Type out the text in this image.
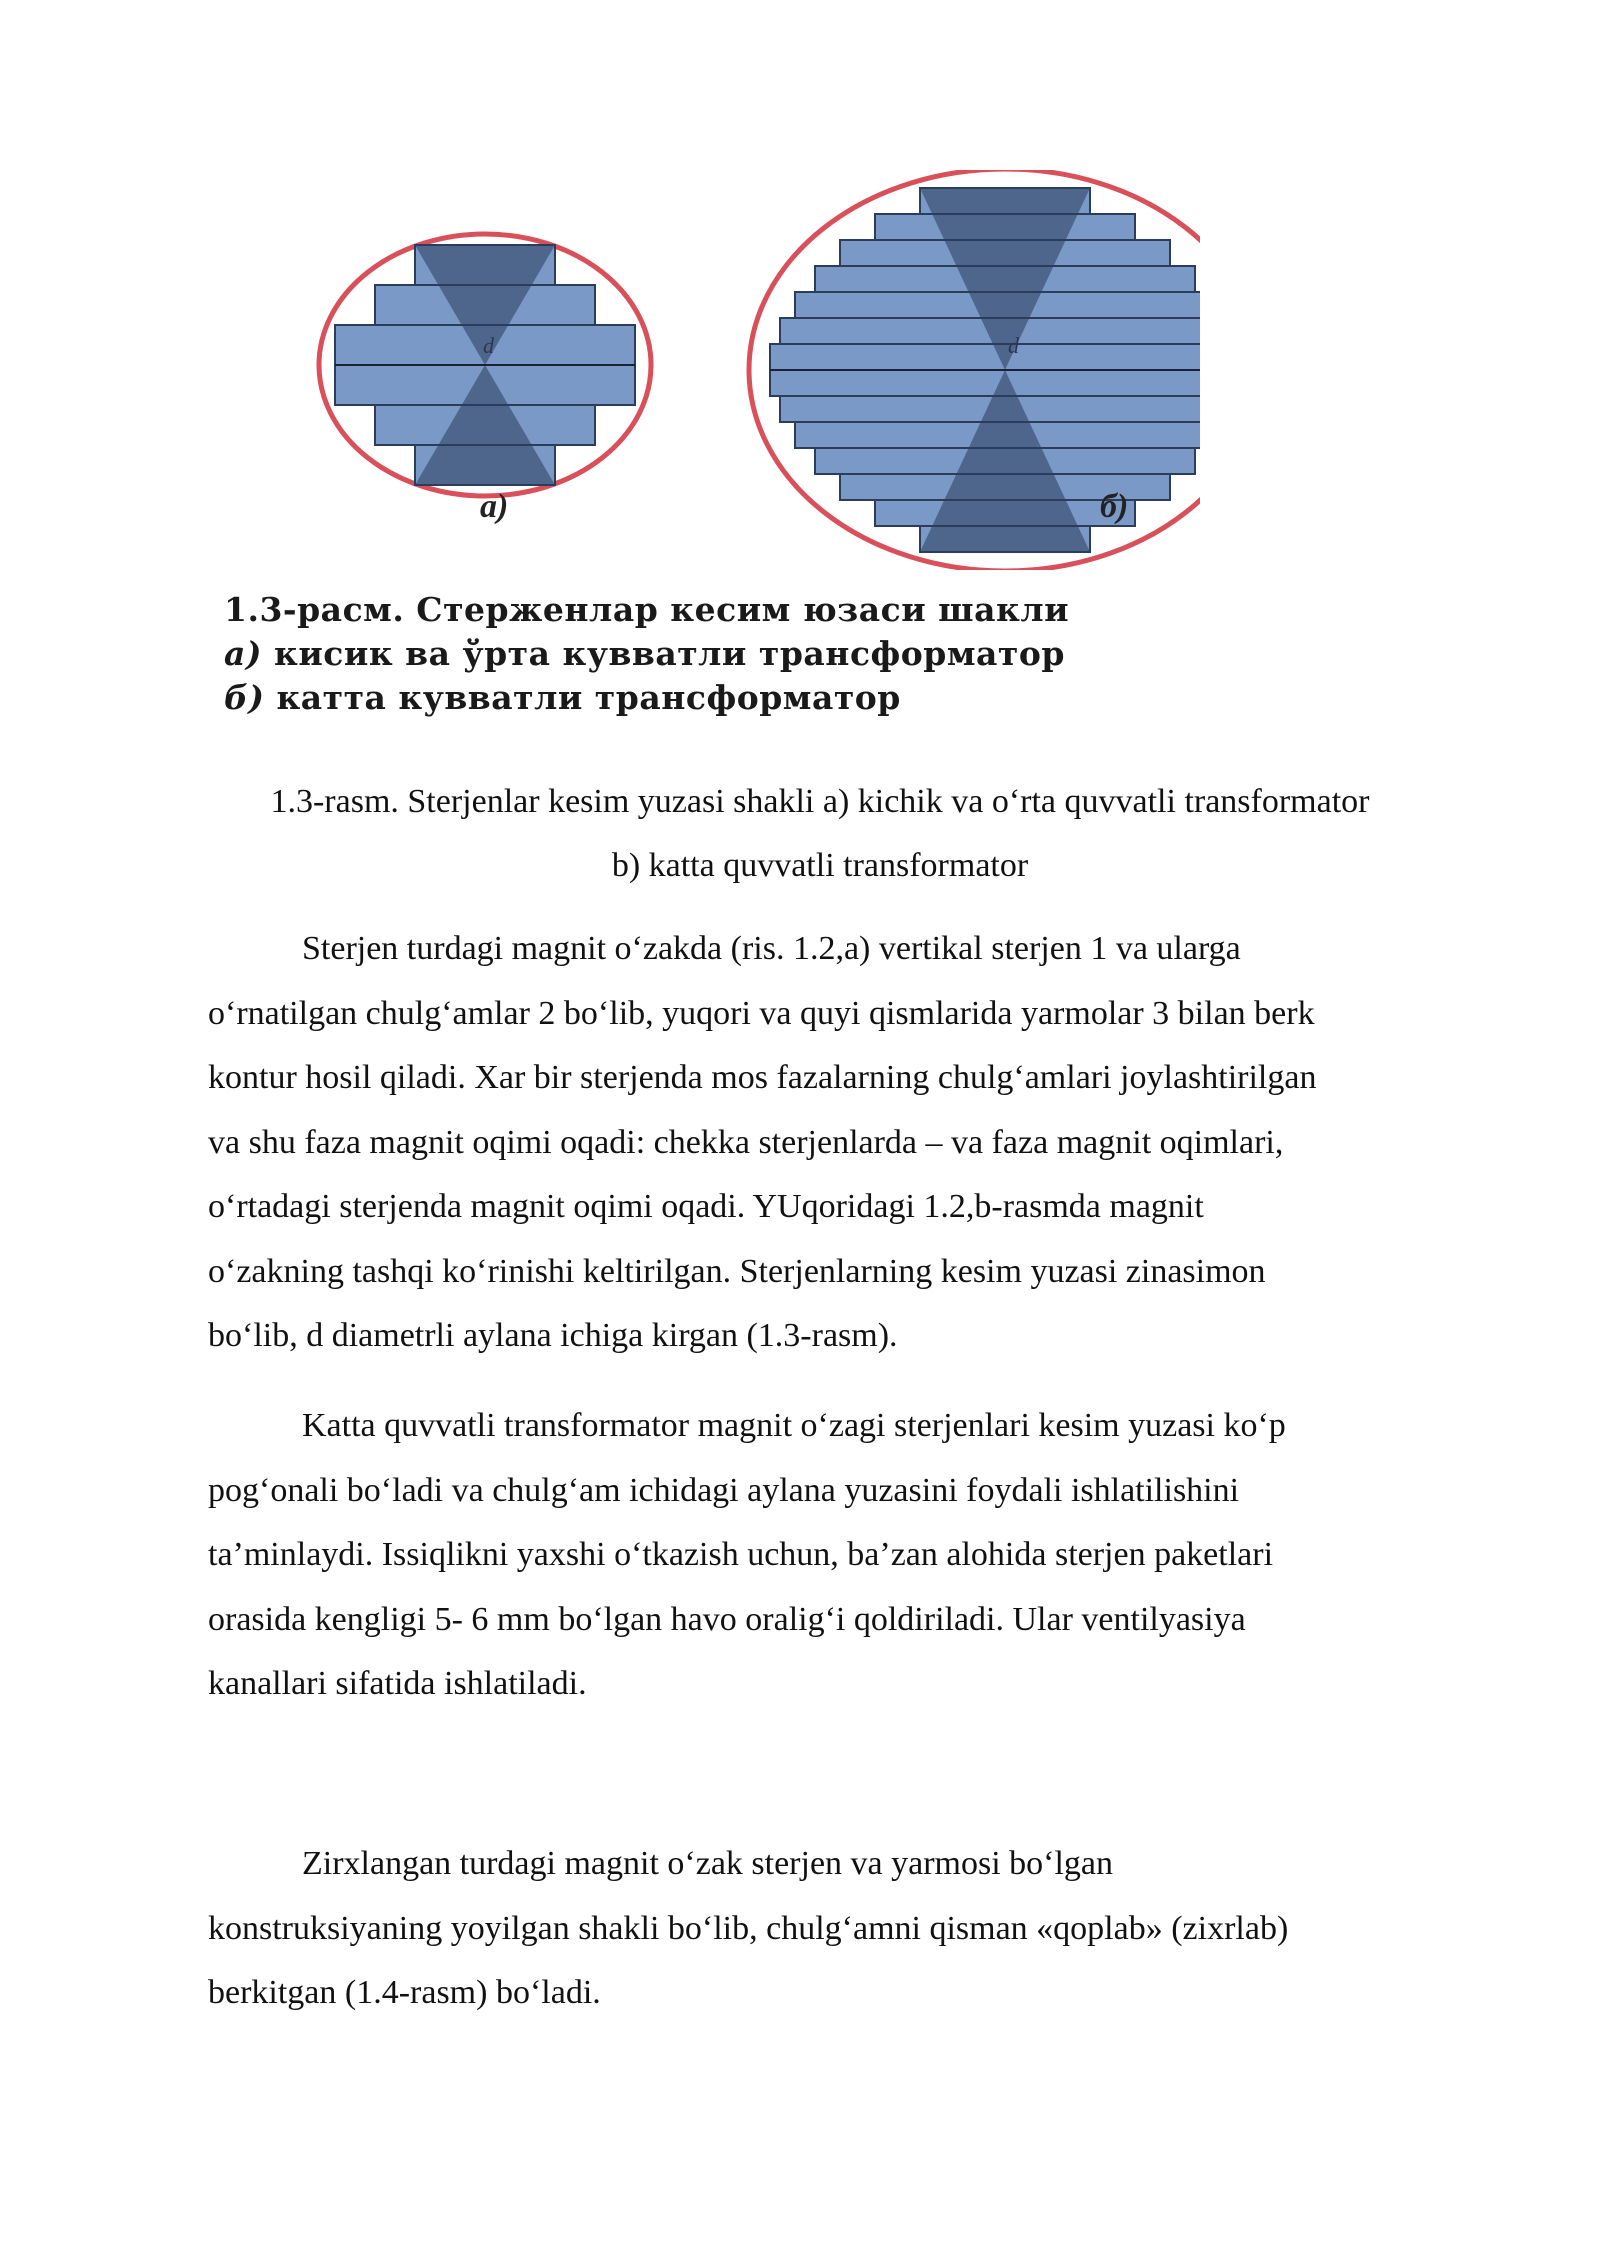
d	d
а)	б)
1.3-расм. Стерженлар кесим юзаси шакли
а) кисик ва ўрта кувватли трансформатор
б) катта кувватли трансформатор
1.3-rasm. Sterjenlar kesim yuzasi shakli a) kichik va o‘rta quvvatli transformator
b) katta quvvatli transformator
Sterjen turdagi magnit o‘zakda (ris. 1.2,a) vertikal sterjen 1 va ularga
o‘rnatilgan chulg‘amlar 2 bo‘lib, yuqori va quyi qismlarida yarmolar 3 bilan berk
kontur hosil qiladi. Xar bir sterjenda mos fazalarning chulg‘amlari joylashtirilgan
va shu faza magnit oqimi oqadi: chekka sterjenlarda – va faza magnit oqimlari,
o‘rtadagi sterjenda magnit oqimi oqadi. YUqoridagi 1.2,b-rasmda magnit
o‘zakning tashqi ko‘rinishi keltirilgan. Sterjenlarning kesim yuzasi zinasimon
bo‘lib, d diametrli aylana ichiga kirgan (1.3-rasm).
Katta quvvatli transformator magnit o‘zagi sterjenlari kesim yuzasi ko‘p
pog‘onali bo‘ladi va chulg‘am ichidagi aylana yuzasini foydali ishlatilishini
ta’minlaydi. Issiqlikni yaxshi o‘tkazish uchun, ba’zan alohida sterjen paketlari
orasida kengligi 5- 6 mm bo‘lgan havo oralig‘i qoldiriladi. Ular ventilyasiya
kanallari sifatida ishlatiladi.
Zirxlangan turdagi magnit o‘zak sterjen va yarmosi bo‘lgan
konstruksiyaning yoyilgan shakli bo‘lib, chulg‘amni qisman «qoplab» (zixrlab)
berkitgan (1.4-rasm) bo‘ladi.
